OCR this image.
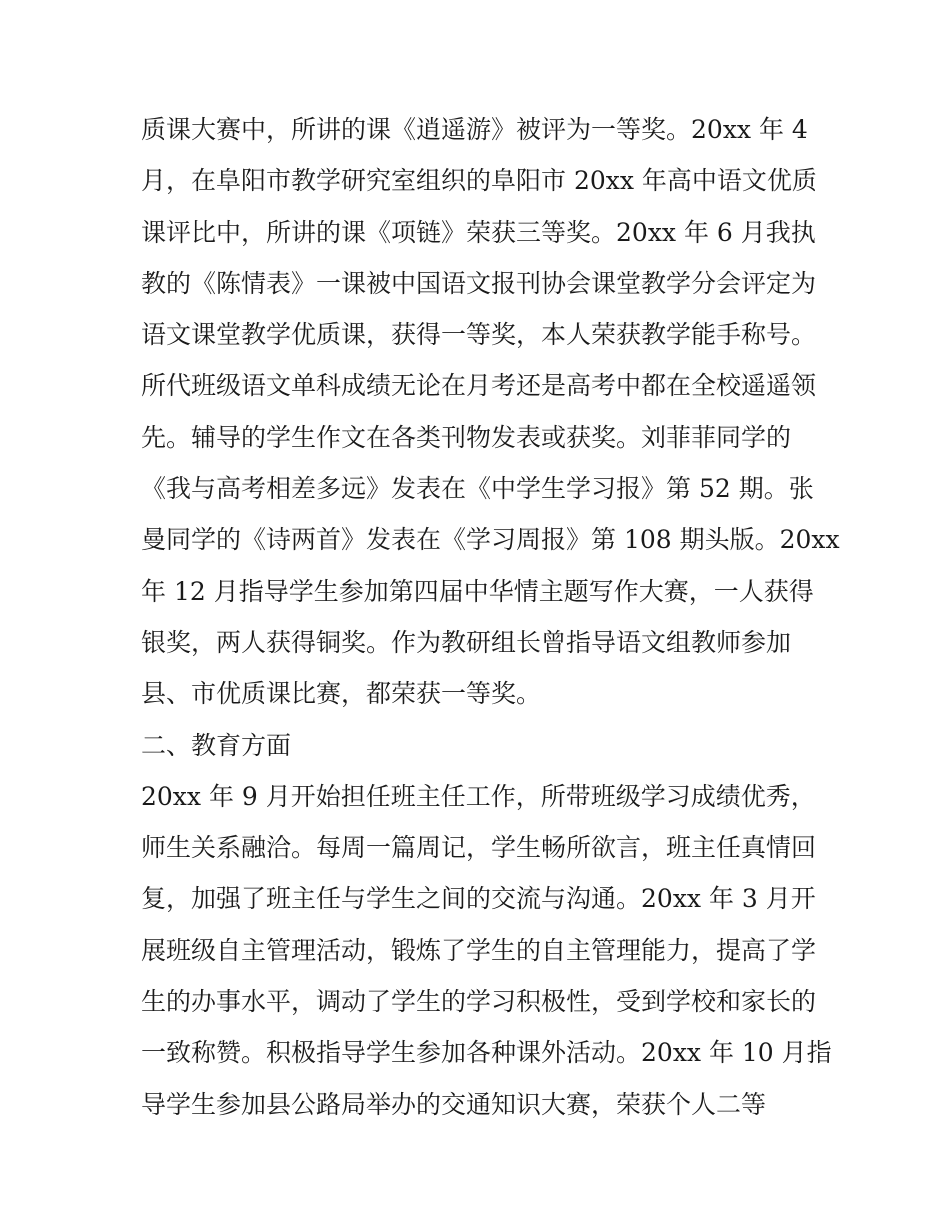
质课大赛中，所讲的课《逍遥游》被评为一等奖。20xx 年 4
月，在阜阳市教学研究室组织的阜阳市 20xx 年高中语文优质
课评比中，所讲的课《项链》荣获三等奖。20xx 年 6 月我执
教的《陈情表》一课被中国语文报刊协会课堂教学分会评定为
语文课堂教学优质课，获得一等奖，本人荣获教学能手称号。
所代班级语文单科成绩无论在月考还是高考中都在全校遥遥领
先。辅导的学生作文在各类刊物发表或获奖。刘菲菲同学的
《我与高考相差多远》发表在《中学生学习报》第 52 期。张
曼同学的《诗两首》发表在《学习周报》第 108 期头版。20xx
年 12 月指导学生参加第四届中华情主题写作大赛，一人获得
银奖，两人获得铜奖。作为教研组长曾指导语文组教师参加
县、市优质课比赛，都荣获一等奖。
二、教育方面
20xx 年 9 月开始担任班主任工作，所带班级学习成绩优秀，
师生关系融洽。每周一篇周记，学生畅所欲言，班主任真情回
复，加强了班主任与学生之间的交流与沟通。20xx 年 3 月开
展班级自主管理活动，锻炼了学生的自主管理能力，提高了学
生的办事水平，调动了学生的学习积极性，受到学校和家长的
一致称赞。积极指导学生参加各种课外活动。20xx 年 10 月指
导学生参加县公路局举办的交通知识大赛，荣获个人二等
